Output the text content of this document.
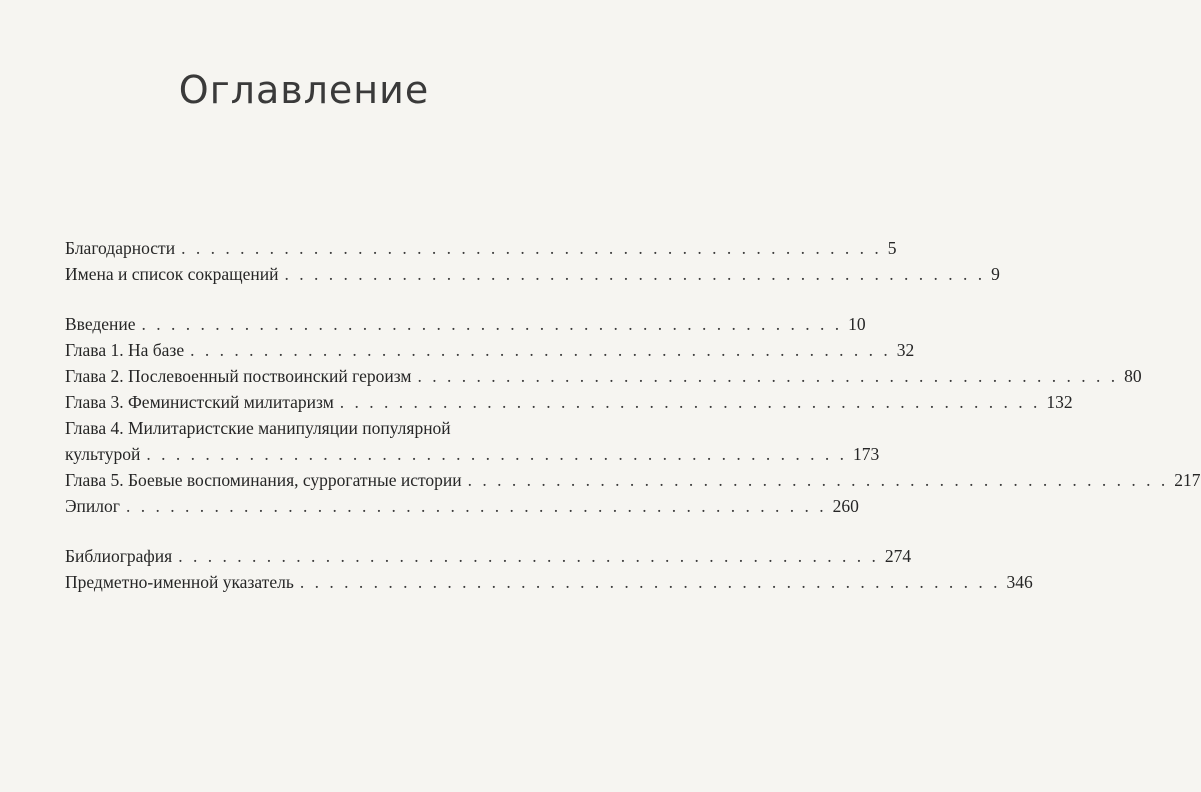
Оглавление
Благодарности . . . . . . . . . . . . . . . . . . . . . . . . . . . . . . . . . . . . . . . . . . . . . . . . 5
Имена и список сокращений . . . . . . . . . . . . . . . . . . . . . . . . . . . . . . . . . . . . . . . . . . . . . . . . 9
Введение . . . . . . . . . . . . . . . . . . . . . . . . . . . . . . . . . . . . . . . . . . . . . . . . 10
Глава 1. На базе . . . . . . . . . . . . . . . . . . . . . . . . . . . . . . . . . . . . . . . . . . . . . . . . 32
Глава 2. Послевоенный поствоинский героизм . . . . . . . . . . . . . . . . . . . . . . . . . . . . . . . . . . . . . . . . . . . . . . . . 80
Глава 3. Феминистский милитаризм . . . . . . . . . . . . . . . . . . . . . . . . . . . . . . . . . . . . . . . . . . . . . . . . 132
Глава 4. Милитаристские манипуляции популярной
культурой . . . . . . . . . . . . . . . . . . . . . . . . . . . . . . . . . . . . . . . . . . . . . . . . 173
Глава 5. Боевые воспоминания, суррогатные истории . . . . . . . . . . . . . . . . . . . . . . . . . . . . . . . . . . . . . . . . . . . . . . . . 217
Эпилог . . . . . . . . . . . . . . . . . . . . . . . . . . . . . . . . . . . . . . . . . . . . . . . . 260
Библиография . . . . . . . . . . . . . . . . . . . . . . . . . . . . . . . . . . . . . . . . . . . . . . . . 274
Предметно-именной указатель . . . . . . . . . . . . . . . . . . . . . . . . . . . . . . . . . . . . . . . . . . . . . . . . 346
